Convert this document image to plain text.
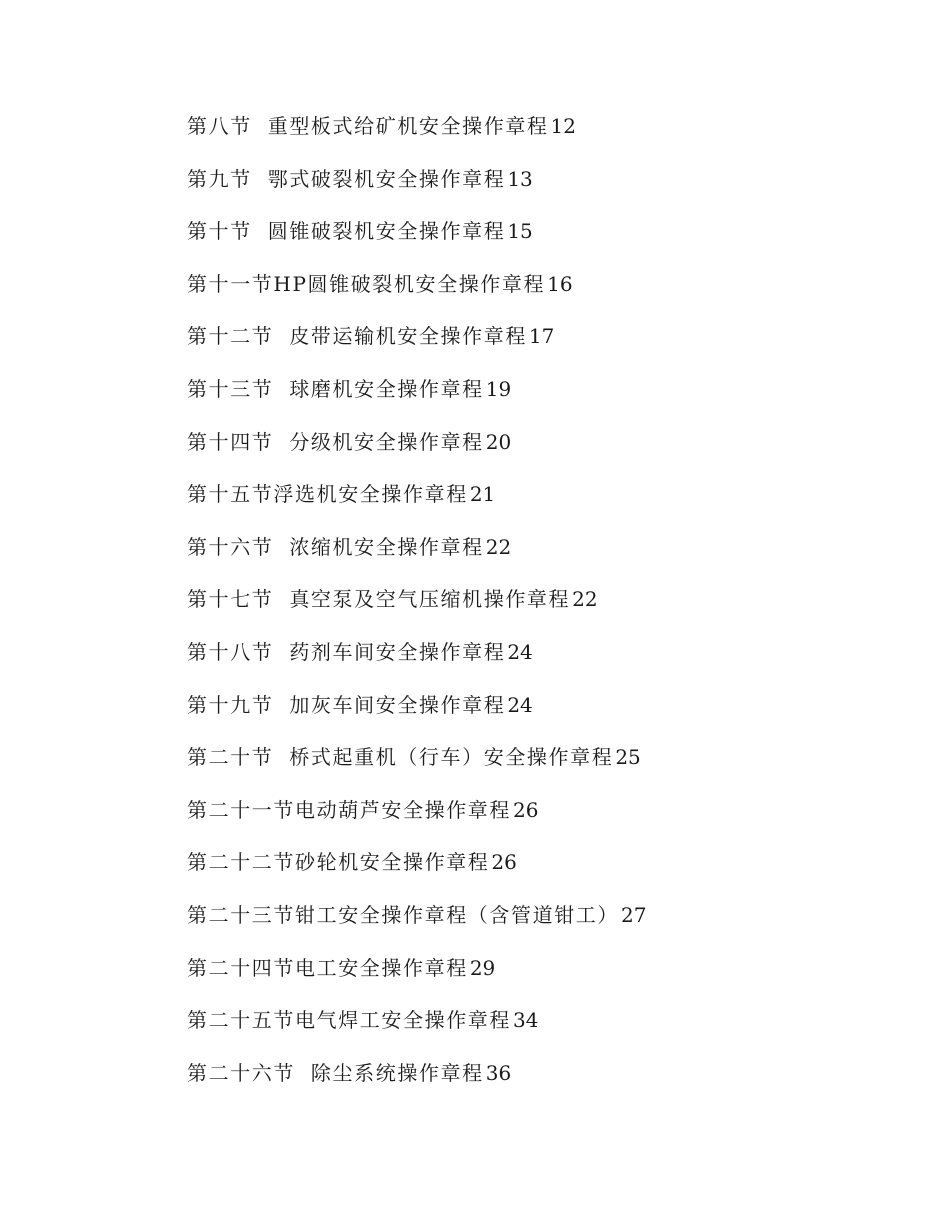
第八节  重型板式给矿机安全操作章程 12
第九节  鄂式破裂机安全操作章程 13
第十节  圆锥破裂机安全操作章程 15
第十一节HP圆锥破裂机安全操作章程 16
第十二节  皮带运输机安全操作章程 17
第十三节  球磨机安全操作章程 19
第十四节  分级机安全操作章程 20
第十五节浮选机安全操作章程 21
第十六节  浓缩机安全操作章程 22
第十七节  真空泵及空气压缩机操作章程 22
第十八节  药剂车间安全操作章程 24
第十九节  加灰车间安全操作章程 24
第二十节  桥式起重机（行车）安全操作章程 25
第二十一节电动葫芦安全操作章程 26
第二十二节砂轮机安全操作章程 26
第二十三节钳工安全操作章程（含管道钳工） 27
第二十四节电工安全操作章程 29
第二十五节电气焊工安全操作章程 34
第二十六节  除尘系统操作章程 36
